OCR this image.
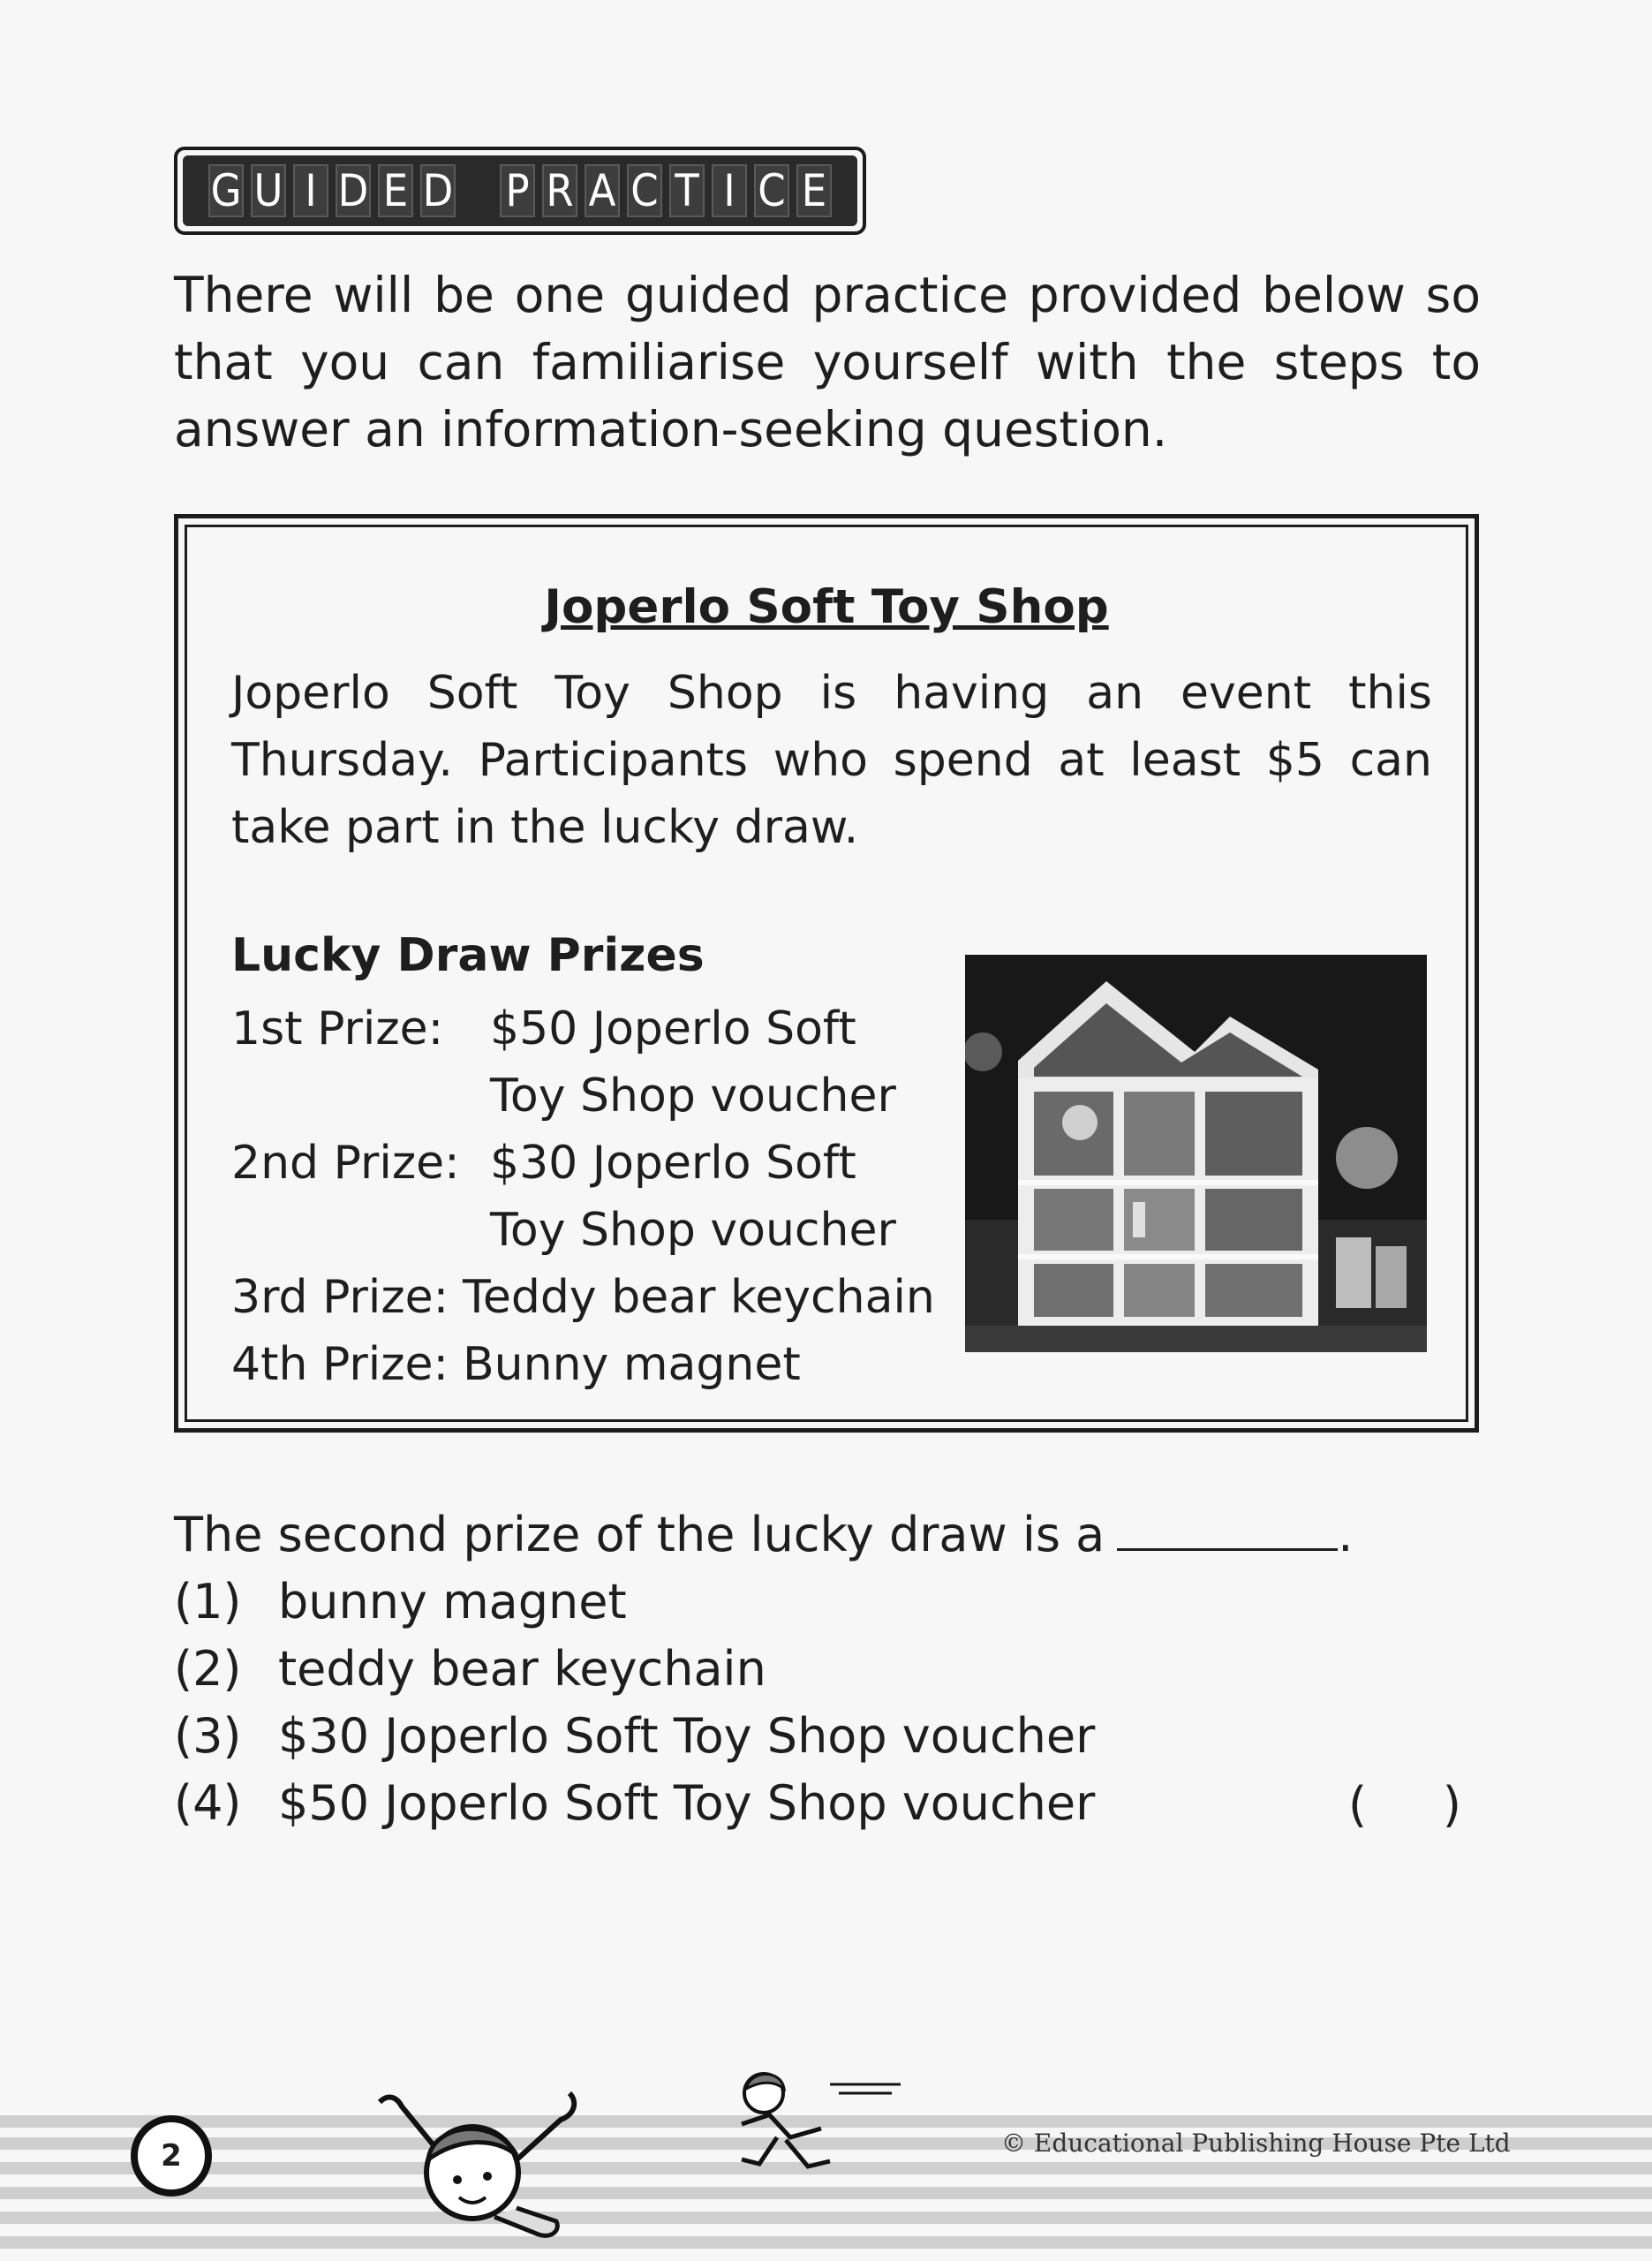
G U I D E D P R A C T I C E
There will be one guided practice provided below so that you can familiarise yourself with the steps to answer an information-seeking question.
Joperlo Soft Toy Shop
Joperlo Soft Toy Shop is having an event this Thursday. Participants who spend at least $5 can take part in the lucky draw.
Lucky Draw Prizes
1st Prize: $50 Joperlo Soft
Toy Shop voucher
2nd Prize: $30 Joperlo Soft
Toy Shop voucher
3rd Prize: Teddy bear keychain
4th Prize: Bunny magnet
The second prize of the lucky draw is a	.
(1) bunny magnet
(2) teddy bear keychain
(3) $30 Joperlo Soft Toy Shop voucher
(4) $50 Joperlo Soft Toy Shop voucher	(     )
2	© Educational Publishing House Pte Ltd
